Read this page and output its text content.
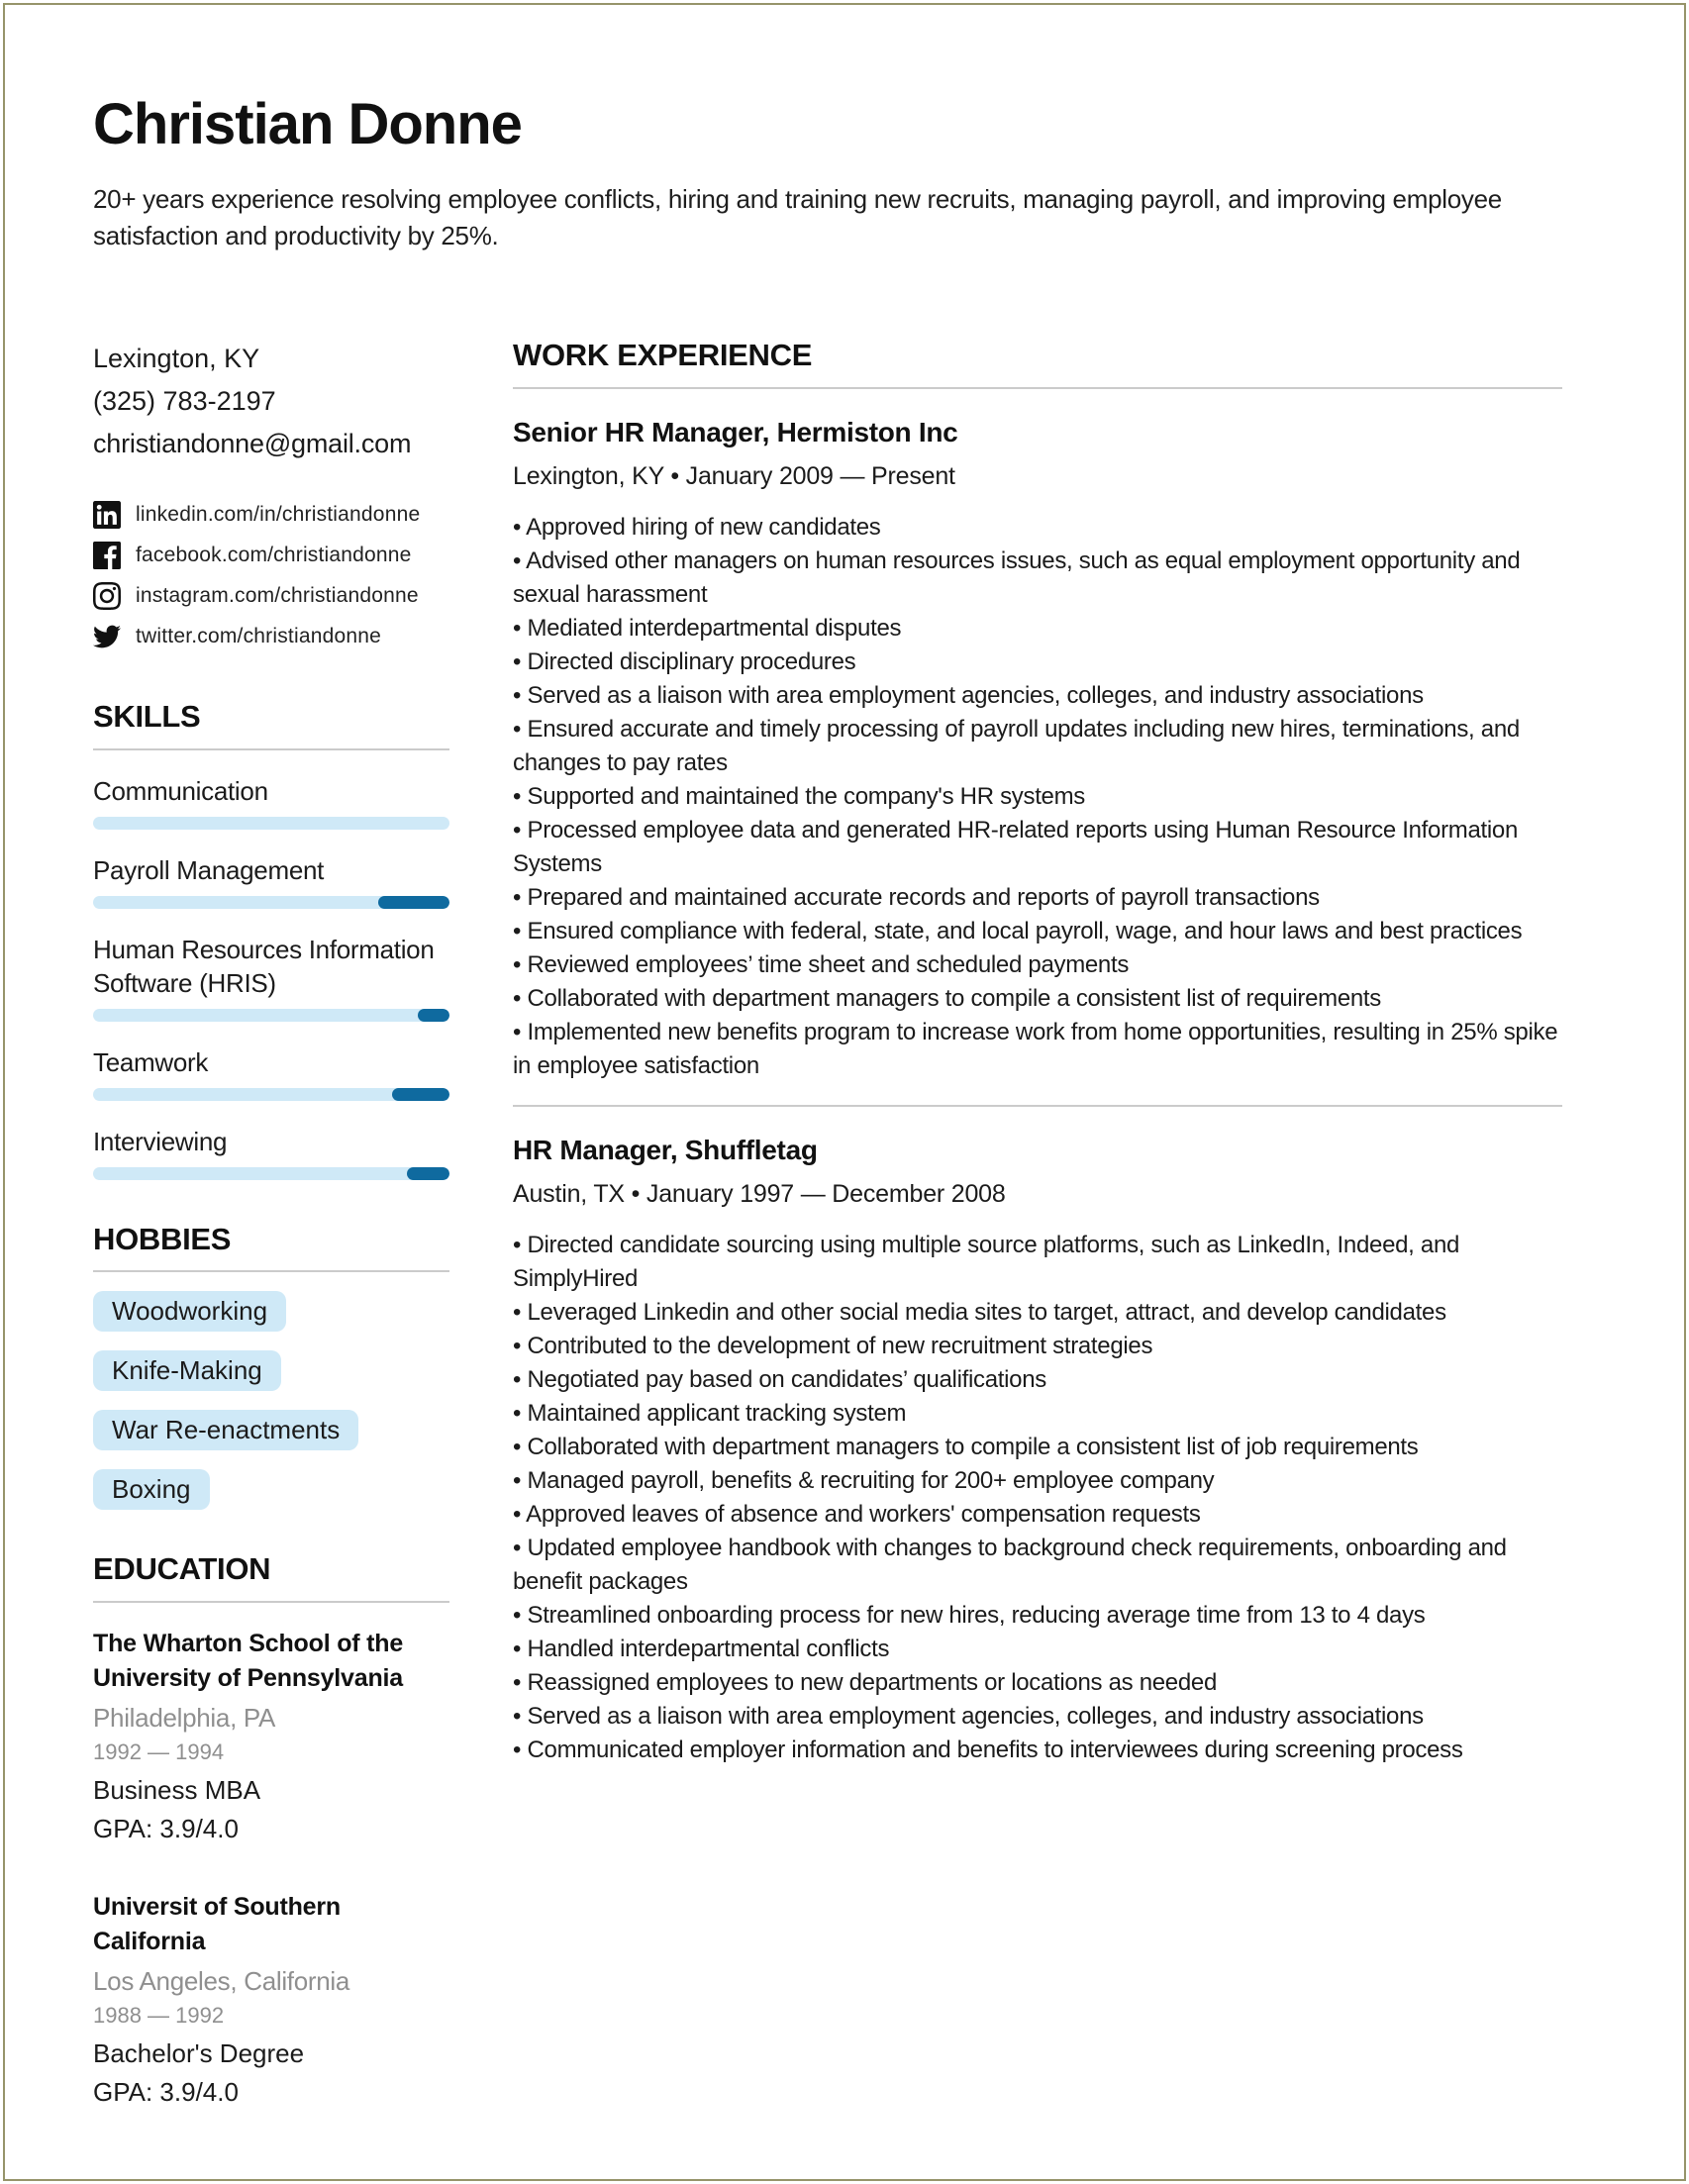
Christian Donne

20+ years experience resolving employee conflicts, hiring and training new recruits, managing payroll, and improving employee satisfaction and productivity by 25%.

Lexington, KY
(325) 783-2197
christiandonne@gmail.com
linkedin.com/in/christiandonne
facebook.com/christiandonne
instagram.com/christiandonne
twitter.com/christiandonne
SKILLS
Communication
Payroll Management
Human Resources Information Software (HRIS)
Teamwork
Interviewing
HOBBIES
Woodworking
Knife-Making
War Re-enactments
Boxing
EDUCATION
The Wharton School of the University of Pennsylvania
Philadelphia, PA
1992 — 1994
Business MBA
GPA: 3.9/4.0
Universit of Southern California
Los Angeles, California
1988 — 1992
Bachelor's Degree
GPA: 3.9/4.0
WORK EXPERIENCE
Senior HR Manager, Hermiston Inc
Lexington, KY • January 2009 — Present

• Approved hiring of new candidates

• Advised other managers on human resources issues, such as equal employment opportunity and sexual harassment

• Mediated interdepartmental disputes

• Directed disciplinary procedures

• Served as a liaison with area employment agencies, colleges, and industry associations

• Ensured accurate and timely processing of payroll updates including new hires, terminations, and changes to pay rates

• Supported and maintained the company's HR systems

• Processed employee data and generated HR-related reports using Human Resource Information Systems

• Prepared and maintained accurate records and reports of payroll transactions

• Ensured compliance with federal, state, and local payroll, wage, and hour laws and best practices

• Reviewed employees’ time sheet and scheduled payments

• Collaborated with department managers to compile a consistent list of requirements

• Implemented new benefits program to increase work from home opportunities, resulting in 25% spike in employee satisfaction

HR Manager, Shuffletag
Austin, TX • January 1997 — December 2008

• Directed candidate sourcing using multiple source platforms, such as LinkedIn, Indeed, and SimplyHired

• Leveraged Linkedin and other social media sites to target, attract, and develop candidates

• Contributed to the development of new recruitment strategies

• Negotiated pay based on candidates’ qualifications

• Maintained applicant tracking system

• Collaborated with department managers to compile a consistent list of job requirements

• Managed payroll, benefits & recruiting for 200+ employee company

• Approved leaves of absence and workers' compensation requests

• Updated employee handbook with changes to background check requirements, onboarding and benefit packages

• Streamlined onboarding process for new hires, reducing average time from 13 to 4 days

• Handled interdepartmental conflicts

• Reassigned employees to new departments or locations as needed

• Served as a liaison with area employment agencies, colleges, and industry associations

• Communicated employer information and benefits to interviewees during screening process
